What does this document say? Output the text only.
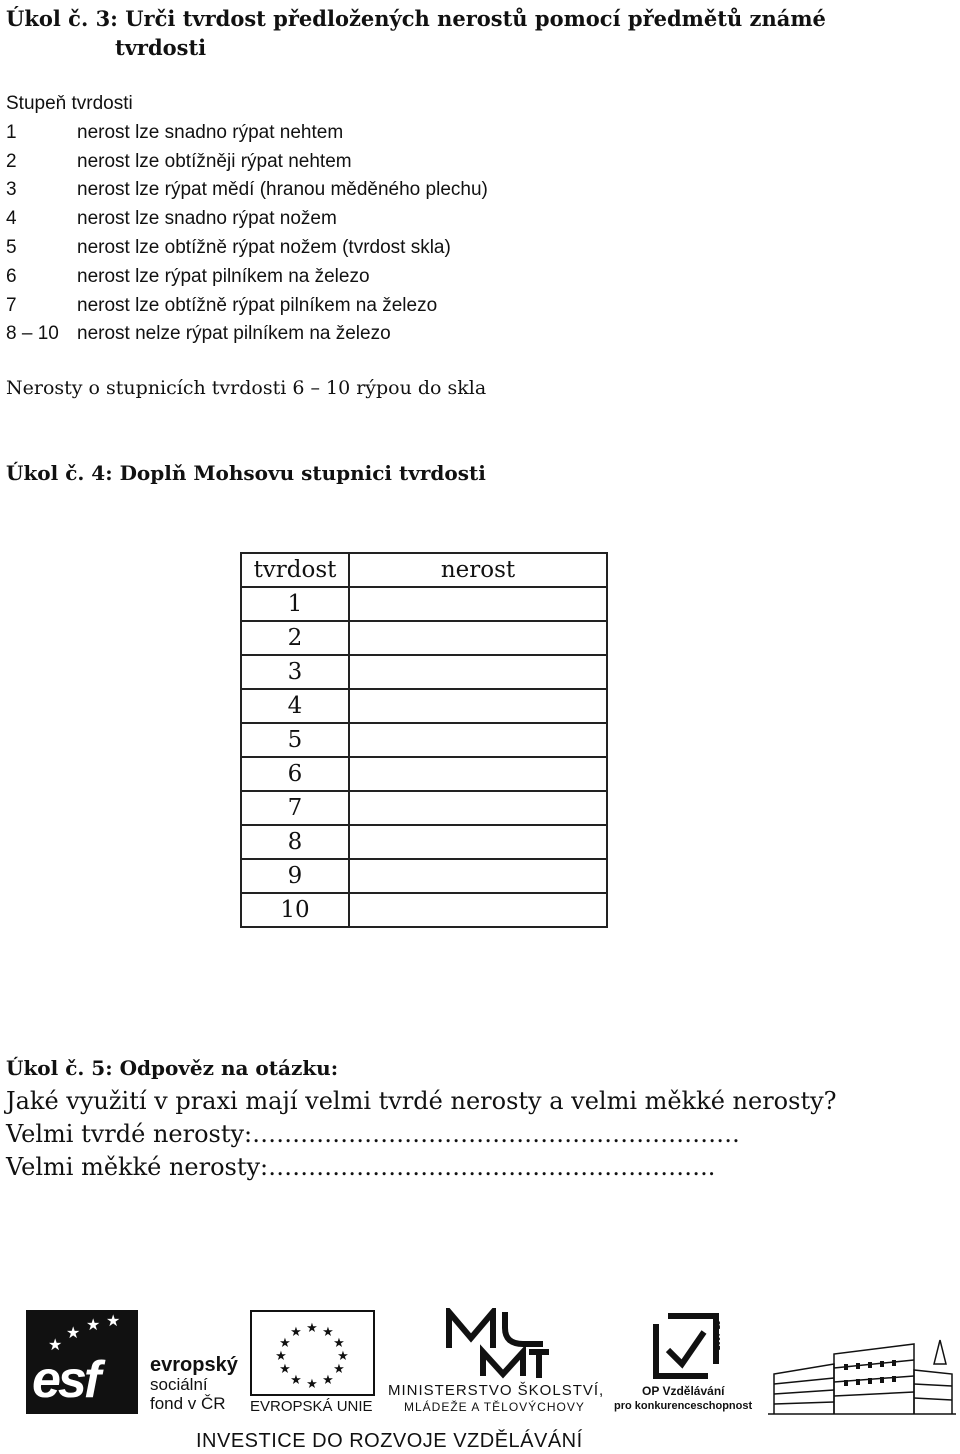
Úkol č. 3: Urči tvrdost předložených nerostů pomocí předmětů známé
tvrdosti
Stupeň tvrdosti
1	nerost lze snadno rýpat nehtem
2	nerost lze obtížněji rýpat nehtem
3	nerost lze rýpat mědí (hranou měděného plechu)
4	nerost lze snadno rýpat nožem
5	nerost lze obtížně rýpat nožem (tvrdost skla)
6	nerost lze rýpat pilníkem na železo
7	nerost lze obtížně rýpat pilníkem na železo
8 – 10 nerost nelze rýpat pilníkem na železo
Nerosty o stupnicích tvrdosti 6 – 10 rýpou do skla
Úkol č. 4: Doplň Mohsovu stupnici tvrdosti
tvrdost	nerost
1	
2	
3	
4	
5	
6	
7	
8	
9	
10	
Úkol č. 5: Odpověz na otázku:
Jaké využití v praxi mají velmi tvrdé nerosty a velmi měkké nerosty?
Velmi tvrdé nerosty:…………………………………………………….
Velmi měkké nerosty:………………………………………………..
★ ★ ★
★
esf	evropský
sociální
fond v ČR
★ ★
★
★
★
★
★
★
★
★
★
★
EVROPSKÁ UNIE
MINISTERSTVO ŠKOLSTVÍ,
MLÁDEŽE A TĚLOVÝCHOVY
2007-13
OP Vzdělávání
pro konkurenceschopnost
INVESTICE DO ROZVOJE VZDĚLÁVÁNÍ
